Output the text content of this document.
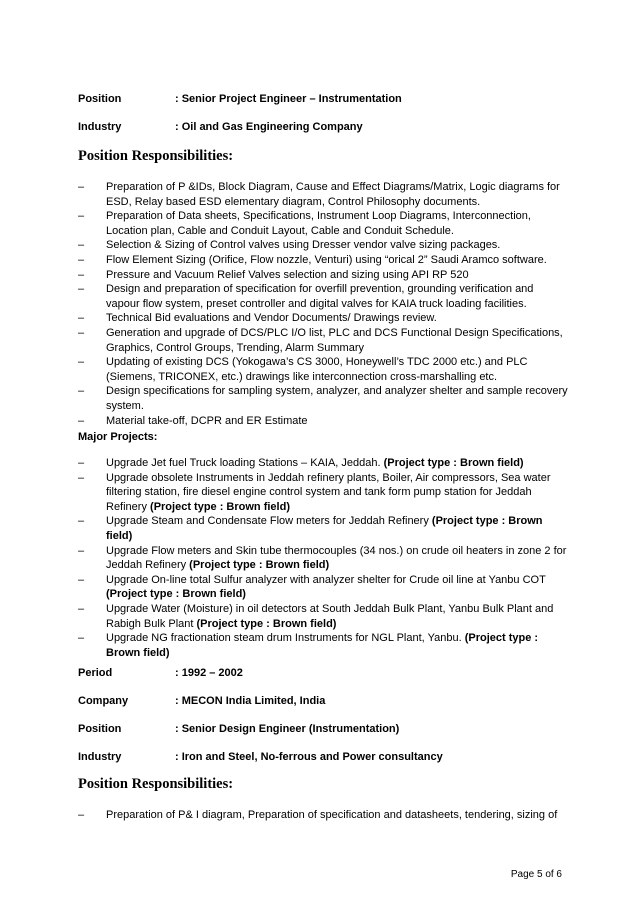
Position	: Senior Project Engineer – Instrumentation
Industry	: Oil and Gas Engineering Company
Position Responsibilities:
– Preparation of P &IDs, Block Diagram, Cause and Effect Diagrams/Matrix, Logic diagrams for ESD, Relay based ESD elementary diagram, Control Philosophy documents.
– Preparation of Data sheets, Specifications, Instrument Loop Diagrams, Interconnection, Location plan, Cable and Conduit Layout, Cable and Conduit Schedule.
– Selection & Sizing of Control valves using Dresser vendor valve sizing packages.
– Flow Element Sizing (Orifice, Flow nozzle, Venturi) using “orical 2” Saudi Aramco software.
– Pressure and Vacuum Relief Valves selection and sizing using API RP 520
– Design and preparation of specification for overfill prevention, grounding verification and vapour flow system, preset controller and digital valves for KAIA truck loading facilities.
– Technical Bid evaluations and Vendor Documents/ Drawings review.
– Generation and upgrade of DCS/PLC I/O list, PLC and DCS Functional Design Specifications, Graphics, Control Groups, Trending, Alarm Summary
– Updating of existing DCS (Yokogawa’s CS 3000, Honeywell’s TDC 2000 etc.) and PLC (Siemens, TRICONEX, etc.) drawings like interconnection cross-marshalling etc.
– Design specifications for sampling system, analyzer, and analyzer shelter and sample recovery system.
– Material take-off, DCPR and ER Estimate
Major Projects:
– Upgrade Jet fuel Truck loading Stations – KAIA, Jeddah. (Project type : Brown field)
– Upgrade obsolete Instruments in Jeddah refinery plants, Boiler, Air compressors, Sea water filtering station, fire diesel engine control system and tank form pump station for Jeddah Refinery (Project type : Brown field)
– Upgrade Steam and Condensate Flow meters for Jeddah Refinery (Project type : Brown field)
– Upgrade Flow meters and Skin tube thermocouples (34 nos.) on crude oil heaters in zone 2 for Jeddah Refinery (Project type : Brown field)
– Upgrade On-line total Sulfur analyzer with analyzer shelter for Crude oil line at Yanbu COT (Project type : Brown field)
– Upgrade Water (Moisture) in oil detectors at South Jeddah Bulk Plant, Yanbu Bulk Plant and Rabigh Bulk Plant (Project type : Brown field)
– Upgrade NG fractionation steam drum Instruments for NGL Plant, Yanbu. (Project type : Brown field)
Period	: 1992 – 2002
Company	: MECON India Limited, India
Position	: Senior Design Engineer (Instrumentation)
Industry	: Iron and Steel, No-ferrous and Power consultancy
Position Responsibilities:
– Preparation of P& I diagram, Preparation of specification and datasheets, tendering, sizing of
Page 5 of 6
